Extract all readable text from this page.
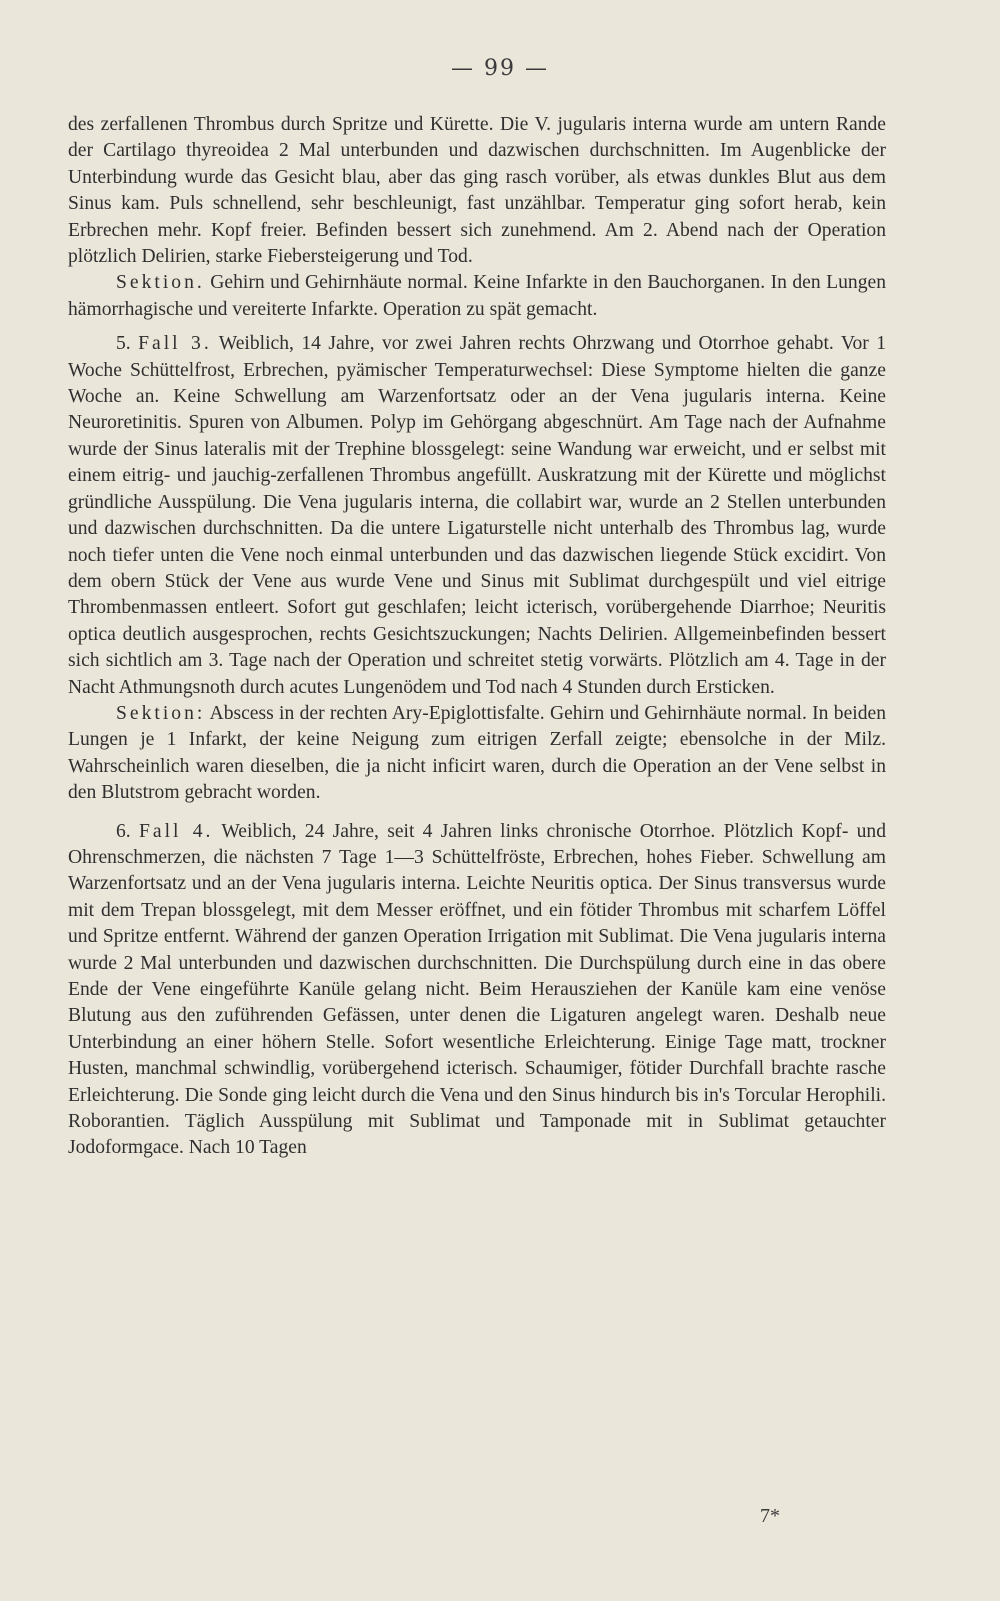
— 99 —

des zerfallenen Thrombus durch Spritze und Kürette. Die V. jugularis interna wurde am untern Rande der Cartilago thyreoidea 2 Mal unterbunden und dazwischen durchschnitten. Im Augenblicke der Unterbindung wurde das Gesicht blau, aber das ging rasch vorüber, als etwas dunkles Blut aus dem Sinus kam. Puls schnellend, sehr beschleunigt, fast unzählbar. Temperatur ging sofort herab, kein Erbrechen mehr. Kopf freier. Befinden bessert sich zunehmend. Am 2. Abend nach der Operation plötzlich Delirien, starke Fiebersteigerung und Tod.

Sektion. Gehirn und Gehirnhäute normal. Keine Infarkte in den Bauchorganen. In den Lungen hämorrhagische und vereiterte Infarkte. Operation zu spät gemacht.

5. Fall 3. Weiblich, 14 Jahre, vor zwei Jahren rechts Ohrzwang und Otorrhoe gehabt. Vor 1 Woche Schüttelfrost, Erbrechen, pyämischer Temperaturwechsel: Diese Symptome hielten die ganze Woche an. Keine Schwellung am Warzenfortsatz oder an der Vena jugularis interna. Keine Neuroretinitis. Spuren von Albumen. Polyp im Gehörgang abgeschnürt. Am Tage nach der Aufnahme wurde der Sinus lateralis mit der Trephine blossgelegt: seine Wandung war erweicht, und er selbst mit einem eitrig- und jauchig-zerfallenen Thrombus angefüllt. Auskratzung mit der Kürette und möglichst gründliche Ausspülung. Die Vena jugularis interna, die collabirt war, wurde an 2 Stellen unterbunden und dazwischen durchschnitten. Da die untere Ligaturstelle nicht unterhalb des Thrombus lag, wurde noch tiefer unten die Vene noch einmal unterbunden und das dazwischen liegende Stück excidirt. Von dem obern Stück der Vene aus wurde Vene und Sinus mit Sublimat durchgespült und viel eitrige Thrombenmassen entleert. Sofort gut geschlafen; leicht icterisch, vorübergehende Diarrhoe; Neuritis optica deutlich ausgesprochen, rechts Gesichtszuckungen; Nachts Delirien. Allgemeinbefinden bessert sich sichtlich am 3. Tage nach der Operation und schreitet stetig vorwärts. Plötzlich am 4. Tage in der Nacht Athmungsnoth durch acutes Lungenödem und Tod nach 4 Stunden durch Ersticken.

Sektion: Abscess in der rechten Ary-Epiglottisfalte. Gehirn und Gehirnhäute normal. In beiden Lungen je 1 Infarkt, der keine Neigung zum eitrigen Zerfall zeigte; ebensolche in der Milz. Wahrscheinlich waren dieselben, die ja nicht inficirt waren, durch die Operation an der Vene selbst in den Blutstrom gebracht worden.

6. Fall 4. Weiblich, 24 Jahre, seit 4 Jahren links chronische Otorrhoe. Plötzlich Kopf- und Ohrenschmerzen, die nächsten 7 Tage 1—3 Schüttelfröste, Erbrechen, hohes Fieber. Schwellung am Warzenfortsatz und an der Vena jugularis interna. Leichte Neuritis optica. Der Sinus transversus wurde mit dem Trepan blossgelegt, mit dem Messer eröffnet, und ein fötider Thrombus mit scharfem Löffel und Spritze entfernt. Während der ganzen Operation Irrigation mit Sublimat. Die Vena jugularis interna wurde 2 Mal unterbunden und dazwischen durchschnitten. Die Durchspülung durch eine in das obere Ende der Vene eingeführte Kanüle gelang nicht. Beim Herausziehen der Kanüle kam eine venöse Blutung aus den zuführenden Gefässen, unter denen die Ligaturen angelegt waren. Deshalb neue Unterbindung an einer höhern Stelle. Sofort wesentliche Erleichterung. Einige Tage matt, trockner Husten, manchmal schwindlig, vorübergehend icterisch. Schaumiger, fötider Durchfall brachte rasche Erleichterung. Die Sonde ging leicht durch die Vena und den Sinus hindurch bis in's Torcular Herophili. Roborantien. Täglich Ausspülung mit Sublimat und Tamponade mit in Sublimat getauchter Jodoformgace. Nach 10 Tagen

7*
